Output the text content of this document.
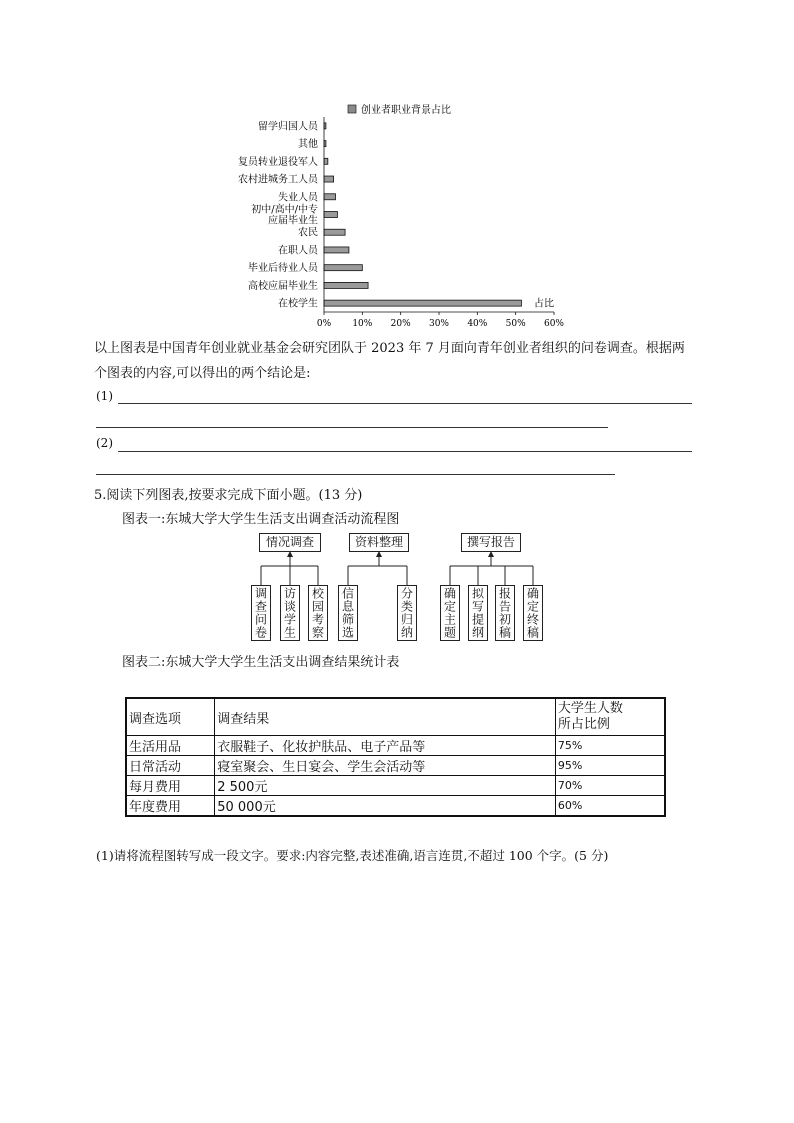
创业者职业背景占比
留学归国人员
其他
复员转业退役军人
农村进城务工人员
失业人员
初中/高中/中专
应届毕业生
农民
在职人员
毕业后待业人员
高校应届毕业生
在校学生
0% 10% 20% 30% 40% 50% 60%
占比
以上图表是中国青年创业就业基金会研究团队于 2023 年 7 月面向青年创业者组织的问卷调查。根据两个图表的内容,可以得出的两个结论是:
(1)
(2)
5.阅读下列图表,按要求完成下面小题。(13 分)
图表一:东城大学大学生生活支出调查活动流程图
情况调查	资料整理	撰写报告
调查问卷 访谈学生 校园考察 信息筛选	分类归纳 确定主题 拟写提纲 报告初稿 确定终稿
图表二:东城大学大学生生活支出调查结果统计表
调查选项	调查结果	大学生人数
所占比例
生活用品	衣服鞋子、化妆护肤品、电子产品等	75%
日常活动	寝室聚会、生日宴会、学生会活动等	95%
每月费用	2 500元	70%
年度费用	50 000元	60%
(1)请将流程图转写成一段文字。要求:内容完整,表述准确,语言连贯,不超过 100 个字。(5 分)
